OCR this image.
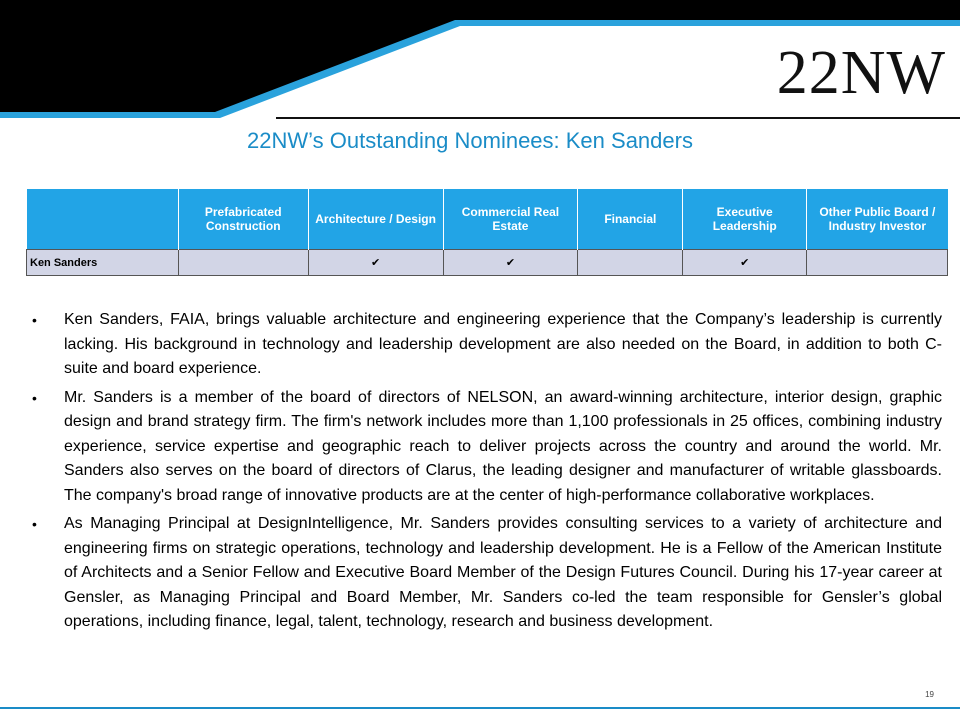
22NW
22NW’s Outstanding Nominees: Ken Sanders
	Prefabricated Construction	Architecture / Design	Commercial Real Estate	Financial	Executive Leadership	Other Public Board / Industry Investor
Ken Sanders		✔	✔		✔	
•	Ken Sanders, FAIA, brings valuable architecture and engineering experience that the Company’s leadership is currently lacking. His background in technology and leadership development are also needed on the Board, in addition to both C-suite and board experience.
•	Mr. Sanders is a member of the board of directors of NELSON, an award-winning architecture, interior design, graphic design and brand strategy firm. The firm's network includes more than 1,100 professionals in 25 offices, combining industry experience, service expertise and geographic reach to deliver projects across the country and around the world. Mr. Sanders also serves on the board of directors of Clarus, the leading designer and manufacturer of writable glassboards. The company's broad range of innovative products are at the center of high-performance collaborative workplaces.
•	As Managing Principal at DesignIntelligence, Mr. Sanders provides consulting services to a variety of architecture and engineering firms on strategic operations, technology and leadership development. He is a Fellow of the American Institute of Architects and a Senior Fellow and Executive Board Member of the Design Futures Council. During his 17-year career at Gensler, as Managing Principal and Board Member, Mr. Sanders co-led the team responsible for Gensler’s global operations, including finance, legal, talent, technology, research and business development.
19
